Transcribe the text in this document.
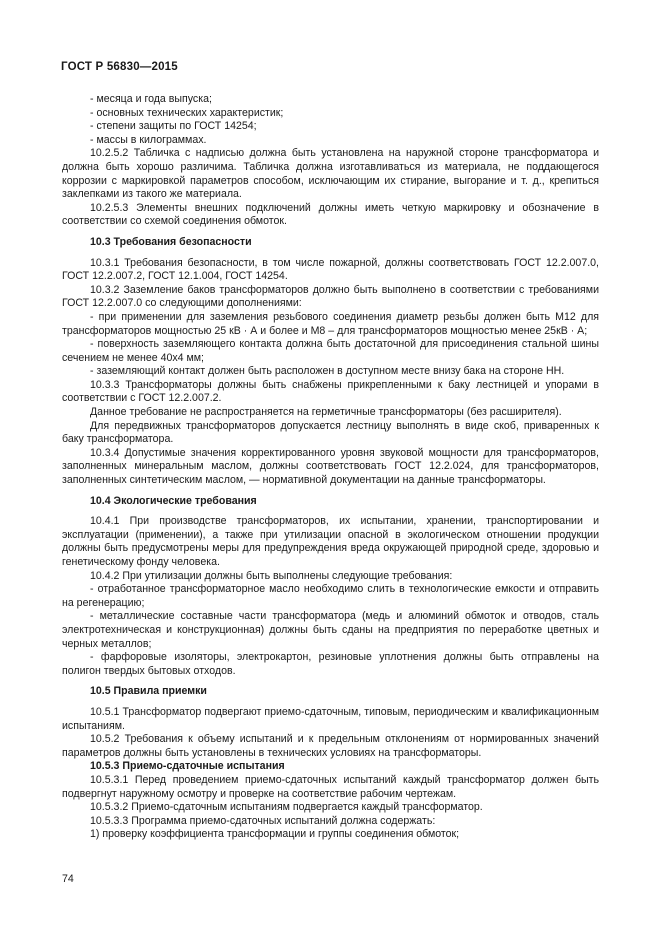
ГОСТ Р 56830—2015

- месяца и года выпуска;

- основных технических характеристик;

- степени защиты по ГОСТ 14254;

- массы в килограммах.

10.2.5.2 Табличка с надписью должна быть установлена на наружной стороне трансформатора и должна быть хорошо различима. Табличка должна изготавливаться из материала, не поддающегося коррозии с маркировкой параметров способом, исключающим их стирание, выгорание и т. д., крепиться заклепками из такого же материала.

10.2.5.3 Элементы внешних подключений должны иметь четкую маркировку и обозначение в соответствии со схемой соединения обмоток.

10.3 Требования безопасности

10.3.1 Требования безопасности, в том числе пожарной, должны соответствовать ГОСТ 12.2.007.0, ГОСТ 12.2.007.2, ГОСТ 12.1.004, ГОСТ 14254.

10.3.2 Заземление баков трансформаторов должно быть выполнено в соответствии с требованиями ГОСТ 12.2.007.0 со следующими дополнениями:

- при применении для заземления резьбового соединения диаметр резьбы должен быть М12 для трансформаторов мощностью 25 кВ · А и более и М8 – для трансформаторов мощностью менее 25кВ · А;

- поверхность заземляющего контакта должна быть достаточной для присоединения стальной шины сечением не менее 40х4 мм;

- заземляющий контакт должен быть расположен в доступном месте внизу бака на стороне НН.

10.3.3 Трансформаторы должны быть снабжены прикрепленными к баку лестницей и упорами в соответствии с ГОСТ 12.2.007.2.

Данное требование не распространяется на герметичные трансформаторы (без расширителя).

Для передвижных трансформаторов допускается лестницу выполнять в виде скоб, приваренных к баку трансформатора.

10.3.4 Допустимые значения корректированного уровня звуковой мощности для трансформаторов, заполненных минеральным маслом, должны соответствовать ГОСТ 12.2.024, для трансформаторов, заполненных синтетическим маслом, — нормативной документации на данные трансформаторы.

10.4 Экологические требования

10.4.1 При производстве трансформаторов, их испытании, хранении, транспортировании и эксплуатации (применении), а также при утилизации опасной в экологическом отношении продукции должны быть предусмотрены меры для предупреждения вреда окружающей природной среде, здоровью и генетическому фонду человека.

10.4.2 При утилизации должны быть выполнены следующие требования:

- отработанное трансформаторное масло необходимо слить в технологические емкости и отправить на регенерацию;

- металлические составные части трансформатора (медь и алюминий обмоток и отводов, сталь электротехническая и конструкционная) должны быть сданы на предприятия по переработке цветных и черных металлов;

- фарфоровые изоляторы, электрокартон, резиновые уплотнения должны быть отправлены на полигон твердых бытовых отходов.

10.5 Правила приемки

10.5.1 Трансформатор подвергают приемо-сдаточным, типовым, периодическим и квалификационным испытаниям.

10.5.2 Требования к объему испытаний и к предельным отклонениям от нормированных значений параметров должны быть установлены в технических условиях на трансформаторы.

10.5.3 Приемо-сдаточные испытания

10.5.3.1 Перед проведением приемо-сдаточных испытаний каждый трансформатор должен быть подвергнут наружному осмотру и проверке на соответствие рабочим чертежам.

10.5.3.2 Приемо-сдаточным испытаниям подвергается каждый трансформатор.

10.5.3.3 Программа приемо-сдаточных испытаний должна содержать:

1) проверку коэффициента трансформации и группы соединения обмоток;

74
